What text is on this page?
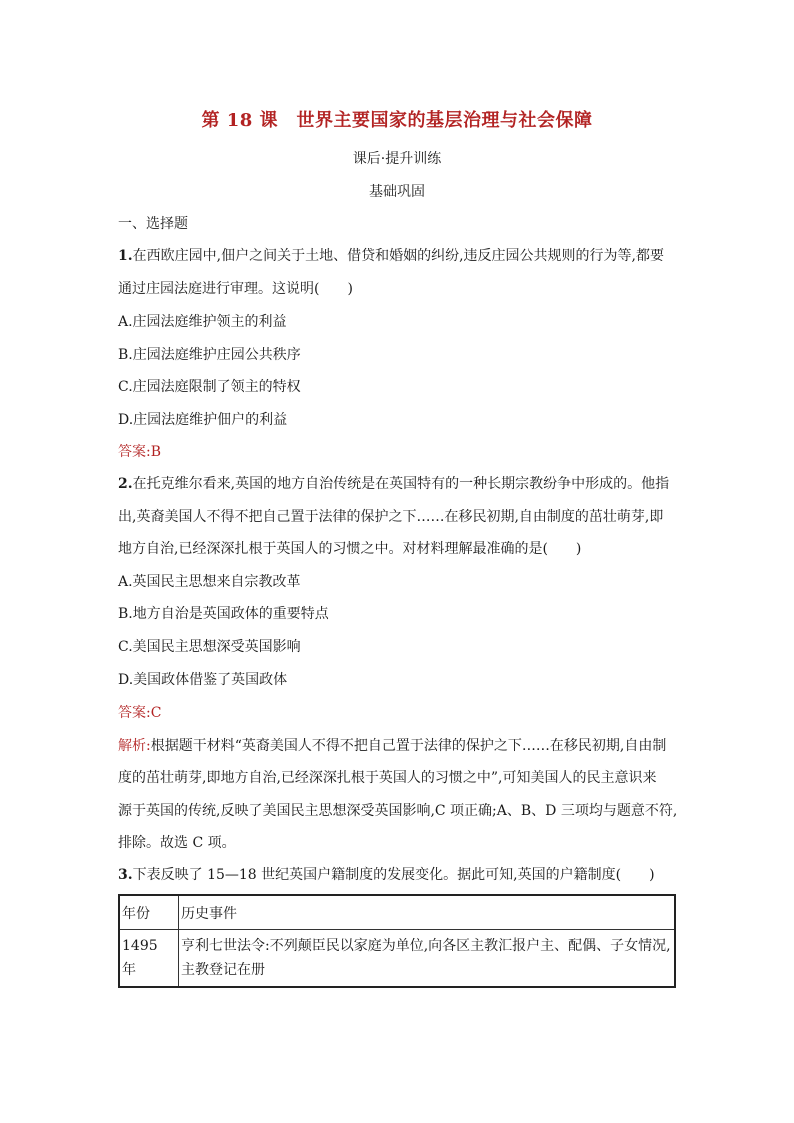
第 18 课　世界主要国家的基层治理与社会保障
课后·提升训练
基础巩固
一、选择题
1.在西欧庄园中,佃户之间关于土地、借贷和婚姻的纠纷,违反庄园公共规则的行为等,都要
通过庄园法庭进行审理。这说明(　　)
A.庄园法庭维护领主的利益
B.庄园法庭维护庄园公共秩序
C.庄园法庭限制了领主的特权
D.庄园法庭维护佃户的利益
答案:B
2.在托克维尔看来,英国的地方自治传统是在英国特有的一种长期宗教纷争中形成的。他指
出,英裔美国人不得不把自己置于法律的保护之下……在移民初期,自由制度的茁壮萌芽,即
地方自治,已经深深扎根于英国人的习惯之中。对材料理解最准确的是(　　)
A.英国民主思想来自宗教改革
B.地方自治是英国政体的重要特点
C.美国民主思想深受英国影响
D.美国政体借鉴了英国政体
答案:C
解析:根据题干材料“英裔美国人不得不把自己置于法律的保护之下……在移民初期,自由制
度的茁壮萌芽,即地方自治,已经深深扎根于英国人的习惯之中”,可知美国人的民主意识来
源于英国的传统,反映了美国民主思想深受英国影响,C 项正确;A、B、D 三项均与题意不符,
排除。故选 C 项。
3.下表反映了 15—18 世纪英国户籍制度的发展变化。据此可知,英国的户籍制度(　　)
年份	历史事件
1495 年	亨利七世法令:不列颠臣民以家庭为单位,向各区主教汇报户主、配偶、子女情况,主教登记在册
